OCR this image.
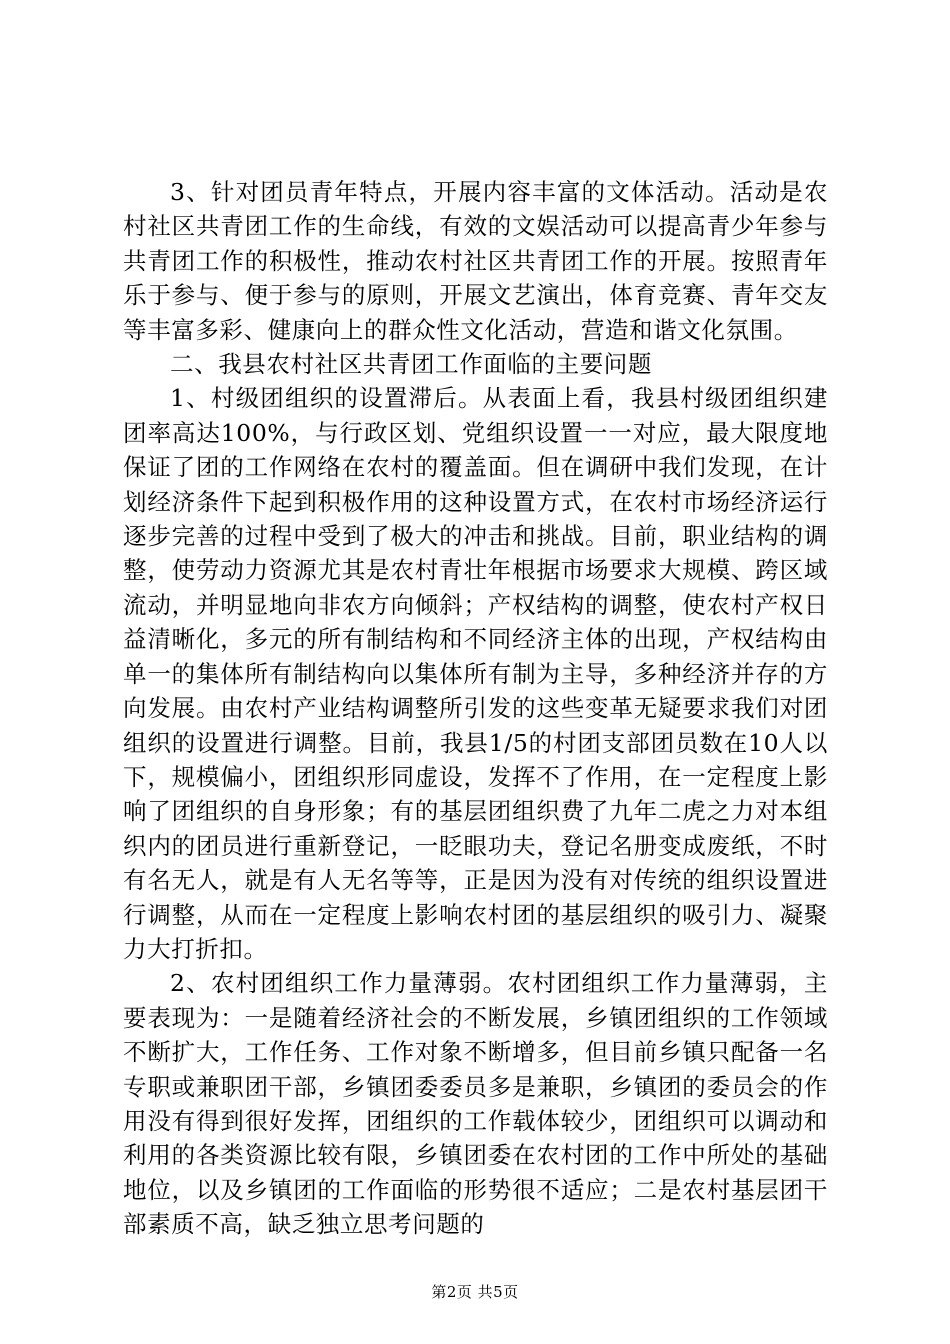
3、针对团员青年特点，开展内容丰富的文体活动。活动是农村社区共青团工作的生命线，有效的文娱活动可以提高青少年参与共青团工作的积极性，推动农村社区共青团工作的开展。按照青年乐于参与、便于参与的原则，开展文艺演出，体育竞赛、青年交友等丰富多彩、健康向上的群众性文化活动，营造和谐文化氛围。

二、我县农村社区共青团工作面临的主要问题

1、村级团组织的设置滞后。从表面上看，我县村级团组织建团率高达100%，与行政区划、党组织设置一一对应，最大限度地保证了团的工作网络在农村的覆盖面。但在调研中我们发现，在计划经济条件下起到积极作用的这种设置方式，在农村市场经济运行逐步完善的过程中受到了极大的冲击和挑战。目前，职业结构的调整，使劳动力资源尤其是农村青壮年根据市场要求大规模、跨区域流动，并明显地向非农方向倾斜；产权结构的调整，使农村产权日益清晰化，多元的所有制结构和不同经济主体的出现，产权结构由单一的集体所有制结构向以集体所有制为主导，多种经济并存的方向发展。由农村产业结构调整所引发的这些变革无疑要求我们对团组织的设置进行调整。目前，我县1/5的村团支部团员数在10人以下，规模偏小，团组织形同虚设，发挥不了作用，在一定程度上影响了团组织的自身形象；有的基层团组织费了九年二虎之力对本组织内的团员进行重新登记，一眨眼功夫，登记名册变成废纸，不时有名无人，就是有人无名等等，正是因为没有对传统的组织设置进行调整，从而在一定程度上影响农村团的基层组织的吸引力、凝聚力大打折扣。

2、农村团组织工作力量薄弱。农村团组织工作力量薄弱，主要表现为：一是随着经济社会的不断发展，乡镇团组织的工作领域不断扩大，工作任务、工作对象不断增多，但目前乡镇只配备一名专职或兼职团干部，乡镇团委委员多是兼职，乡镇团的委员会的作用没有得到很好发挥，团组织的工作载体较少，团组织可以调动和利用的各类资源比较有限，乡镇团委在农村团的工作中所处的基础地位，以及乡镇团的工作面临的形势很不适应；二是农村基层团干部素质不高，缺乏独立思考问题的

第2页 共5页
